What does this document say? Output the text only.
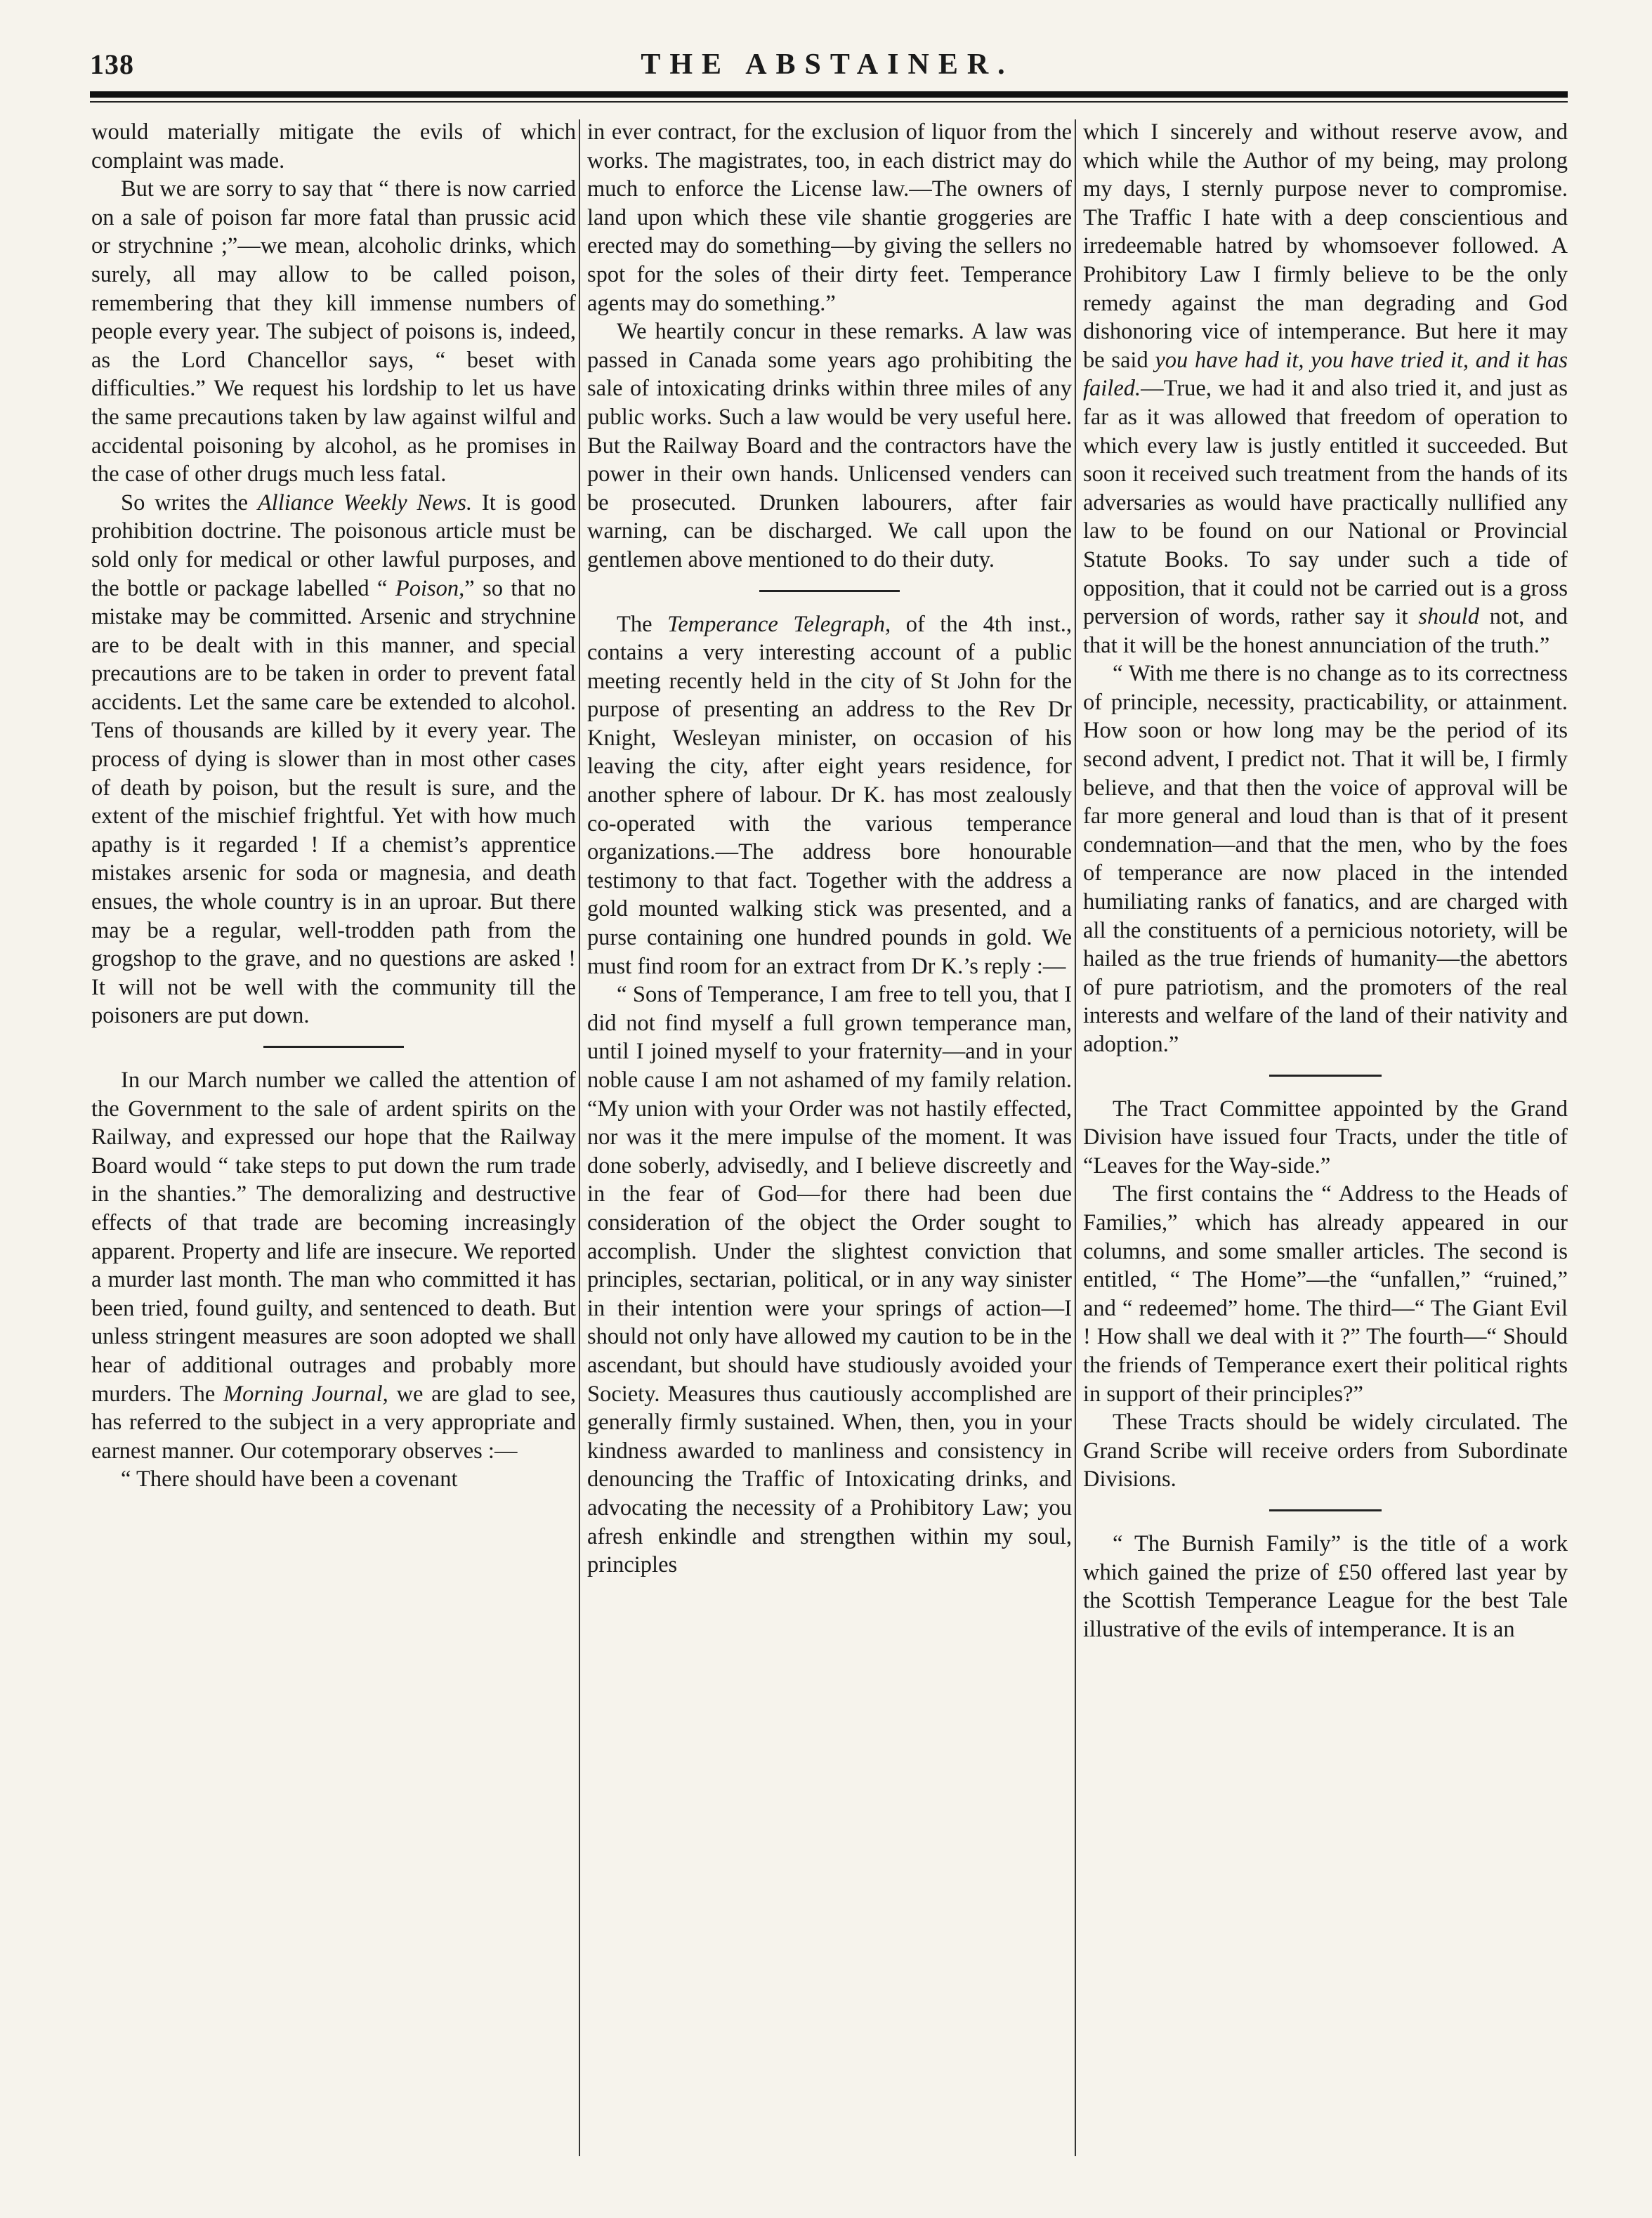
138	THE ABSTAINER.

would materially mitigate the evils of which complaint was made.

But we are sorry to say that “ there is now carried on a sale of poison far more fatal than prussic acid or strychnine ;”—we mean, alcoholic drinks, which surely, all may allow to be called poison, remembering that they kill immense numbers of people every year. The subject of poisons is, indeed, as the Lord Chancellor says, “ beset with difficulties.” We request his lordship to let us have the same precautions taken by law against wilful and accidental poisoning by alcohol, as he promises in the case of other drugs much less fatal.

So writes the Alliance Weekly News. It is good prohibition doctrine. The poisonous article must be sold only for medical or other lawful purposes, and the bottle or package labelled “ Poison,” so that no mistake may be committed. Arsenic and strychnine are to be dealt with in this manner, and special precautions are to be taken in order to prevent fatal accidents. Let the same care be extended to alcohol. Tens of thousands are killed by it every year. The process of dying is slower than in most other cases of death by poison, but the result is sure, and the extent of the mischief frightful. Yet with how much apathy is it regarded ! If a chemist’s apprentice mistakes arsenic for soda or magnesia, and death ensues, the whole country is in an uproar. But there may be a regular, well-trodden path from the grogshop to the grave, and no questions are asked ! It will not be well with the community till the poisoners are put down.

In our March number we called the attention of the Government to the sale of ardent spirits on the Railway, and expressed our hope that the Railway Board would “ take steps to put down the rum trade in the shanties.” The demoralizing and destructive effects of that trade are becoming increasingly apparent. Property and life are insecure. We reported a murder last month. The man who committed it has been tried, found guilty, and sentenced to death. But unless stringent measures are soon adopted we shall hear of additional outrages and probably more murders. The Morning Journal, we are glad to see, has referred to the subject in a very appropriate and earnest manner. Our cotemporary observes :—

“ There should have been a covenant

in ever contract, for the exclusion of liquor from the works. The magistrates, too, in each district may do much to enforce the License law.—The owners of land upon which these vile shantie groggeries are erected may do something—by giving the sellers no spot for the soles of their dirty feet. Temperance agents may do something.”

We heartily concur in these remarks. A law was passed in Canada some years ago prohibiting the sale of intoxicating drinks within three miles of any public works. Such a law would be very useful here. But the Railway Board and the contractors have the power in their own hands. Unlicensed venders can be prosecuted. Drunken labourers, after fair warning, can be discharged. We call upon the gentlemen above mentioned to do their duty.

The Temperance Telegraph, of the 4th inst., contains a very interesting account of a public meeting recently held in the city of St John for the purpose of presenting an address to the Rev Dr Knight, Wesleyan minister, on occasion of his leaving the city, after eight years residence, for another sphere of labour. Dr K. has most zealously co-operated with the various temperance organizations.—The address bore honourable testimony to that fact. Together with the address a gold mounted walking stick was presented, and a purse containing one hundred pounds in gold. We must find room for an extract from Dr K.’s reply :—

“ Sons of Temperance, I am free to tell you, that I did not find myself a full grown temperance man, until I joined myself to your fraternity—and in your noble cause I am not ashamed of my family relation. “My union with your Order was not hastily effected, nor was it the mere impulse of the moment. It was done soberly, advisedly, and I believe discreetly and in the fear of God—for there had been due consideration of the object the Order sought to accomplish. Under the slightest conviction that principles, sectarian, political, or in any way sinister in their intention were your springs of action—I should not only have allowed my caution to be in the ascendant, but should have studiously avoided your Society. Measures thus cautiously accomplished are generally firmly sustained. When, then, you in your kindness awarded to manliness and consistency in denouncing the Traffic of Intoxicating drinks, and advocating the necessity of a Prohibitory Law; you afresh enkindle and strengthen within my soul, principles

which I sincerely and without reserve avow, and which while the Author of my being, may prolong my days, I sternly purpose never to compromise. The Traffic I hate with a deep conscientious and irredeemable hatred by whomsoever followed. A Prohibitory Law I firmly believe to be the only remedy against the man degrading and God dishonoring vice of intemperance. But here it may be said you have had it, you have tried it, and it has failed.—True, we had it and also tried it, and just as far as it was allowed that freedom of operation to which every law is justly entitled it succeeded. But soon it received such treatment from the hands of its adversaries as would have practically nullified any law to be found on our National or Provincial Statute Books. To say under such a tide of opposition, that it could not be carried out is a gross perversion of words, rather say it should not, and that it will be the honest annunciation of the truth.”

“ With me there is no change as to its correctness of principle, necessity, practicability, or attainment. How soon or how long may be the period of its second advent, I predict not. That it will be, I firmly believe, and that then the voice of approval will be far more general and loud than is that of it present condemnation—and that the men, who by the foes of temperance are now placed in the intended humiliating ranks of fanatics, and are charged with all the constituents of a pernicious notoriety, will be hailed as the true friends of humanity—the abettors of pure patriotism, and the promoters of the real interests and welfare of the land of their nativity and adoption.”

The Tract Committee appointed by the Grand Division have issued four Tracts, under the title of “Leaves for the Way-side.”

The first contains the “ Address to the Heads of Families,” which has already appeared in our columns, and some smaller articles. The second is entitled, “ The Home”—the “unfallen,” “ruined,” and “ redeemed” home. The third—“ The Giant Evil ! How shall we deal with it ?” The fourth—“ Should the friends of Temperance exert their political rights in support of their principles?”

These Tracts should be widely circulated. The Grand Scribe will receive orders from Subordinate Divisions.

“ The Burnish Family” is the title of a work which gained the prize of £50 offered last year by the Scottish Temperance League for the best Tale illustrative of the evils of intemperance. It is an
